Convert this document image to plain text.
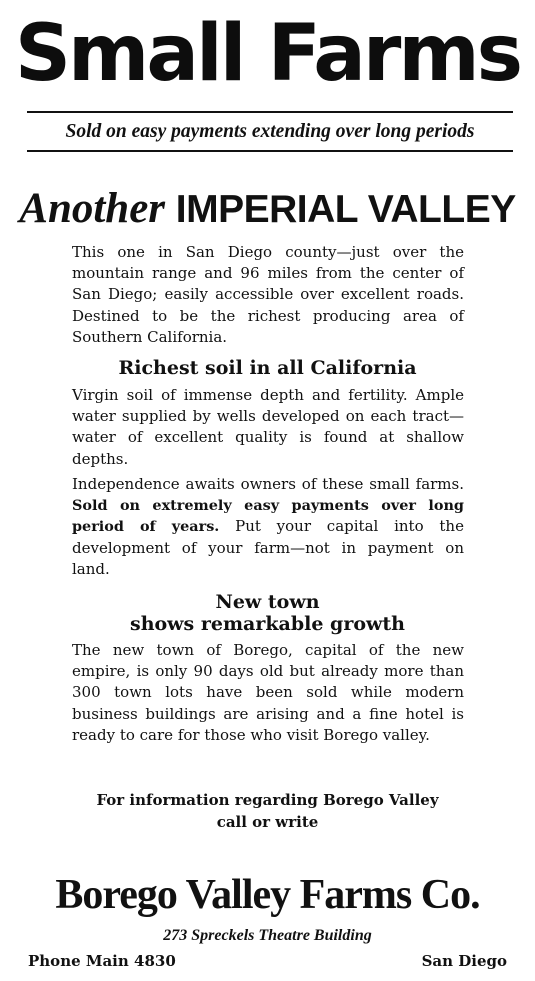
Small Farms
Sold on easy payments extending over long periods
Another IMPERIAL VALLEY
This one in San Diego county—just over the mountain range and 96 miles from the center of San Diego; easily accessible over excellent roads. Destined to be the richest producing area of Southern California.
Richest soil in all California
Virgin soil of immense depth and fertility. Ample water supplied by wells developed on each tract—water of excellent quality is found at shallow depths.
Independence awaits owners of these small farms. Sold on extremely easy payments over long period of years. Put your capital into the development of your farm—not in payment on land.
New town
shows remarkable growth
The new town of Borego, capital of the new empire, is only 90 days old but already more than 300 town lots have been sold while modern business buildings are arising and a fine hotel is ready to care for those who visit Borego valley.
For information regarding Borego Valley
call or write
Borego Valley Farms Co.
273 Spreckels Theatre Building
Phone Main 4830	San Diego
